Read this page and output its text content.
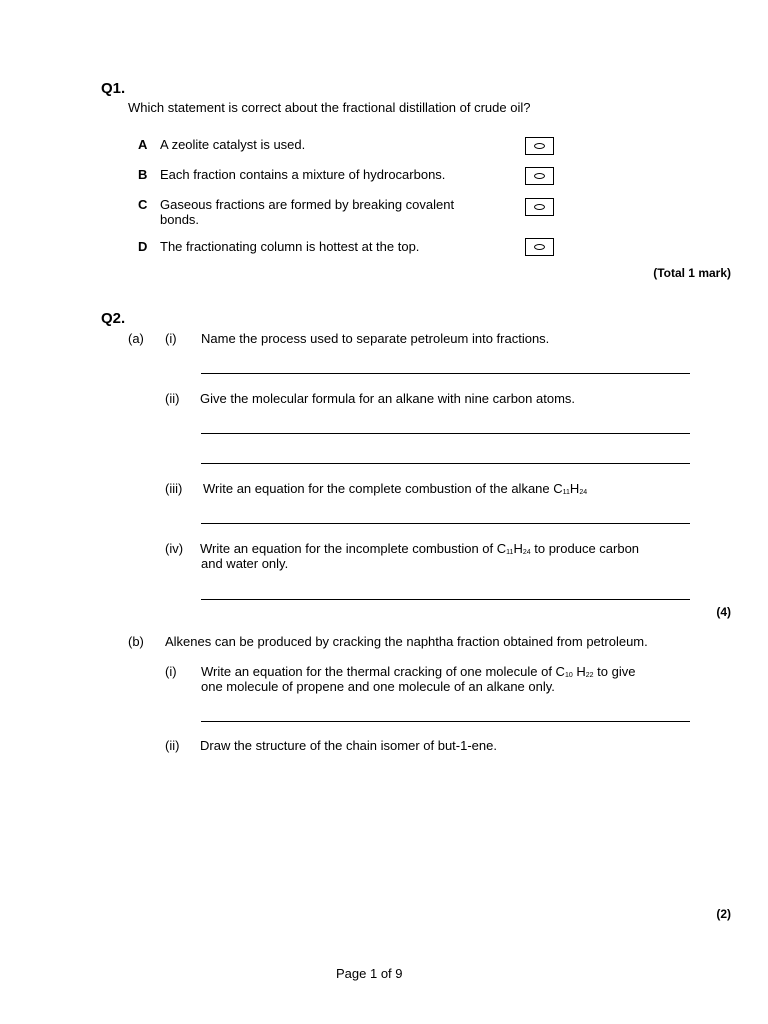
Q1.
Which statement is correct about the fractional distillation of crude oil?
A A zeolite catalyst is used.
B Each fraction contains a mixture of hydrocarbons.
C Gaseous fractions are formed by breaking covalent
bonds.
D The fractionating column is hottest at the top.
(Total 1 mark)
Q2.
(a) (i) Name the process used to separate petroleum into fractions.
(ii) Give the molecular formula for an alkane with nine carbon atoms.
(iii) Write an equation for the complete combustion of the alkane C11H24
(iv) Write an equation for the incomplete combustion of C11H24 to produce carbon
and water only.
(4)
(b) Alkenes can be produced by cracking the naphtha fraction obtained from petroleum.
(i) Write an equation for the thermal cracking of one molecule of C10 H22 to give
one molecule of propene and one molecule of an alkane only.
(ii) Draw the structure of the chain isomer of but-1-ene.
(2)
Page 1 of 9
